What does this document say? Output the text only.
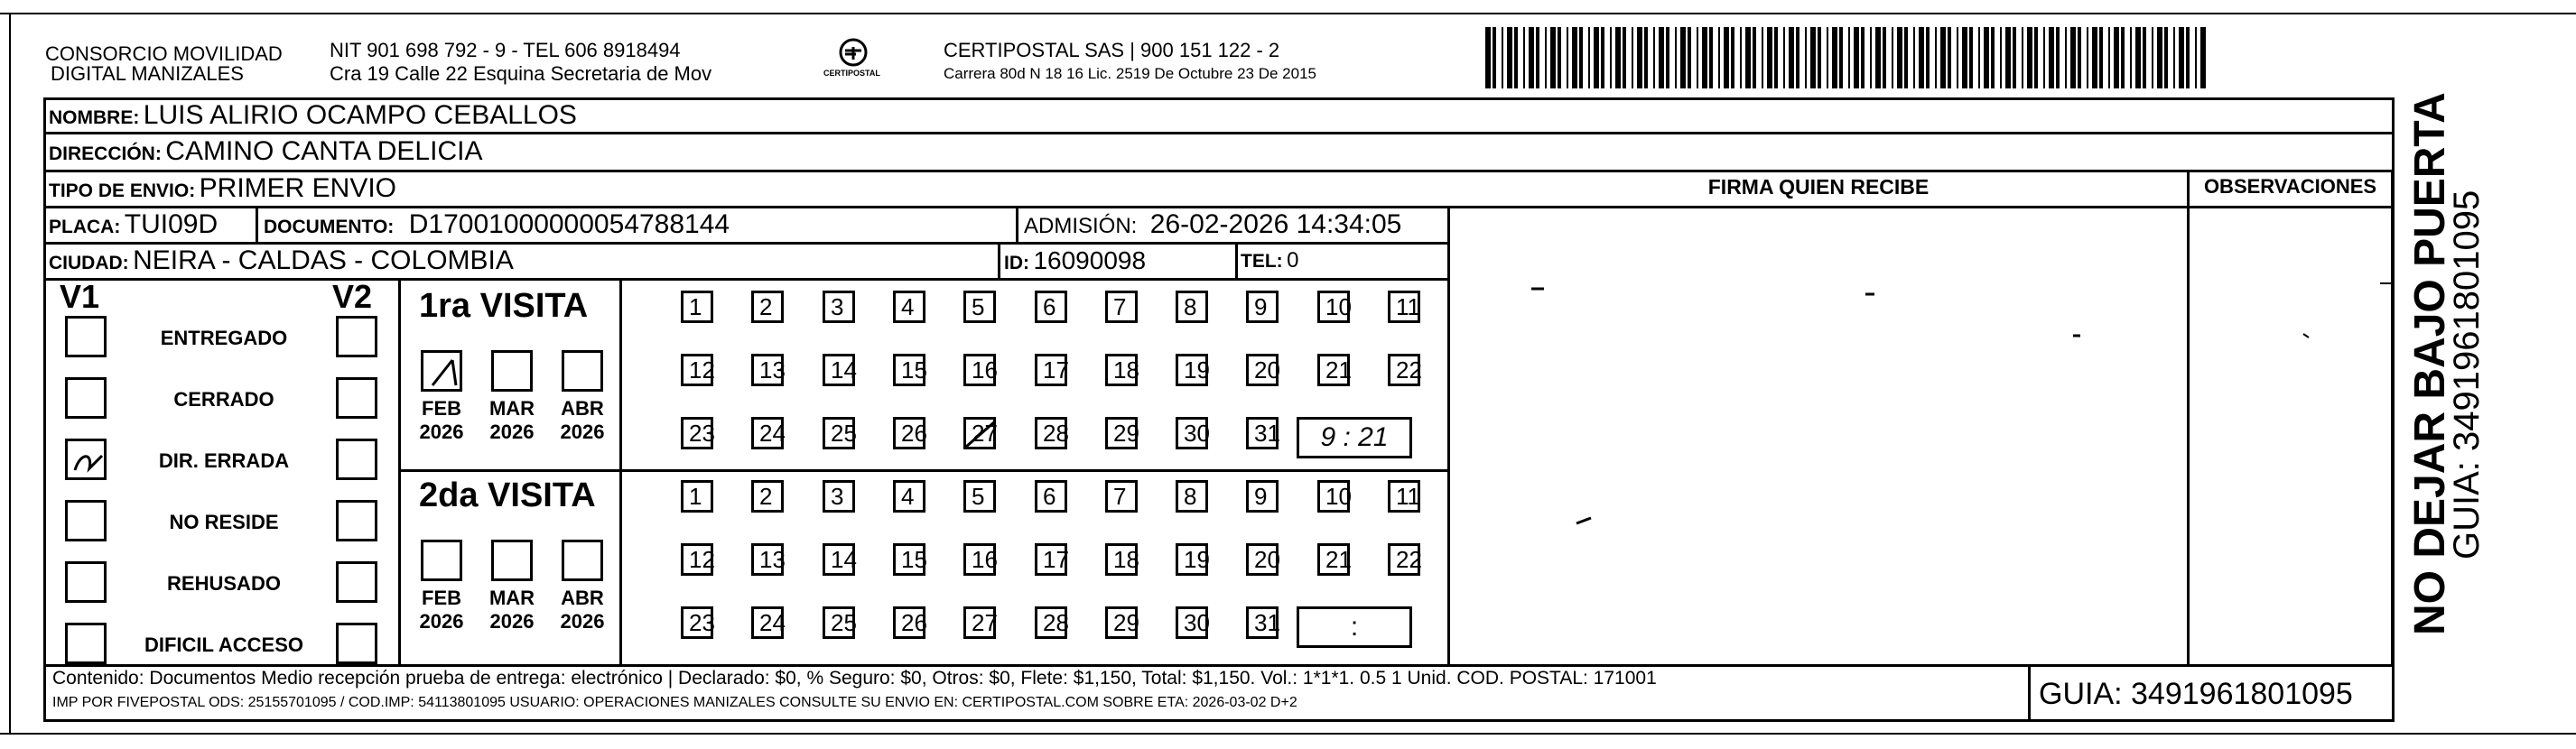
CONSORCIO MOVILIDAD
DIGITAL MANIZALES
NIT 901 698 792 - 9 - TEL 606 8918494
Cra 19 Calle 22 Esquina Secretaria de Mov	CERTIPOSTAL
CERTIPOSTAL SAS | 900 151 122 - 2
Carrera 80d N 18 16 Lic. 2519 De Octubre 23 De 2015
NOMBRE: LUIS ALIRIO OCAMPO CEBALLOS
DIRECCIÓN: CAMINO CANTA DELICIA
TIPO DE ENVIO: PRIMER ENVIO
PLACA: TUI09D DOCUMENTO: D17001000000054788144	ADMISIÓN: 26-02-2026 14:34:05
CIUDAD: NEIRA - CALDAS - COLOMBIA	ID: 16090098	TEL: 0
FIRMA QUIEN RECIBE	OBSERVACIONES
V1	V2
ENTREGADO
CERRADO
DIR. ERRADA
NO RESIDE
REHUSADO
DIFICIL ACCESO
1ra VISITA
2da VISITA
FEB
2026
MAR
2026
ABR
2026
FEB
2026
MAR
2026
ABR
2026
1	2	3	4	5	6	7	8	9	10	11
12	13	14	15	16	17	18	19	20	21	22
23	24	25	26	27	28	29	30	31
1	2	3	4	5	6	7	8	9	10	11
12	13	14	15	16	17	18	19	20	21	22
23	24	25	26	27	28	29	30	31
9 : 21
:
Contenido: Documentos Medio recepción prueba de entrega: electrónico | Declarado: $0, % Seguro: $0, Otros: $0, Flete: $1,150, Total: $1,150. Vol.: 1*1*1. 0.5 1 Unid. COD. POSTAL: 171001
IMP POR FIVEPOSTAL ODS: 25155701095 / COD.IMP: 54113801095 USUARIO: OPERACIONES MANIZALES CONSULTE SU ENVIO EN: CERTIPOSTAL.COM SOBRE ETA: 2026-03-02 D+2	GUIA: 3491961801095
NO DEJAR BAJO PUERTA
GUIA: 3491961801095
